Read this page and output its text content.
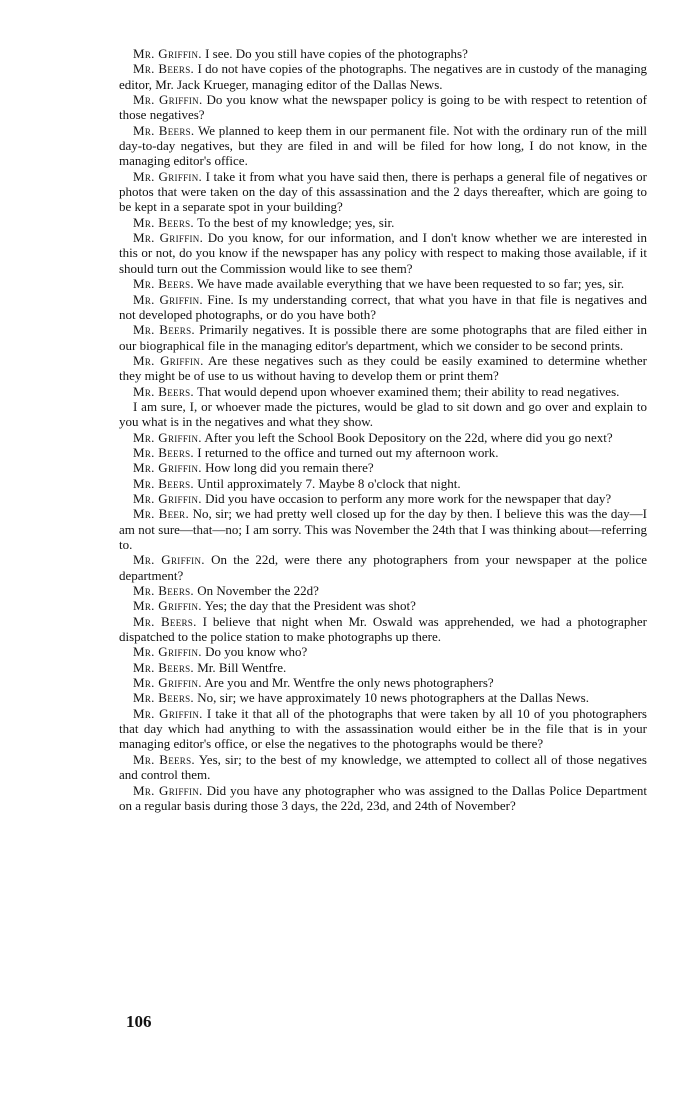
Mr. Griffin. I see. Do you still have copies of the photographs?

Mr. Beers. I do not have copies of the photographs. The negatives are in custody of the managing editor, Mr. Jack Krueger, managing editor of the Dallas News.

Mr. Griffin. Do you know what the newspaper policy is going to be with respect to retention of those negatives?

Mr. Beers. We planned to keep them in our permanent file. Not with the ordinary run of the mill day-to-day negatives, but they are filed in and will be filed for how long, I do not know, in the managing editor's office.

Mr. Griffin. I take it from what you have said then, there is perhaps a general file of negatives or photos that were taken on the day of this assassination and the 2 days thereafter, which are going to be kept in a separate spot in your building?

Mr. Beers. To the best of my knowledge; yes, sir.

Mr. Griffin. Do you know, for our information, and I don't know whether we are interested in this or not, do you know if the newspaper has any policy with respect to making those available, if it should turn out the Commission would like to see them?

Mr. Beers. We have made available everything that we have been requested to so far; yes, sir.

Mr. Griffin. Fine. Is my understanding correct, that what you have in that file is negatives and not developed photographs, or do you have both?

Mr. Beers. Primarily negatives. It is possible there are some photographs that are filed either in our biographical file in the managing editor's department, which we consider to be second prints.

Mr. Griffin. Are these negatives such as they could be easily examined to determine whether they might be of use to us without having to develop them or print them?

Mr. Beers. That would depend upon whoever examined them; their ability to read negatives.

I am sure, I, or whoever made the pictures, would be glad to sit down and go over and explain to you what is in the negatives and what they show.

Mr. Griffin. After you left the School Book Depository on the 22d, where did you go next?

Mr. Beers. I returned to the office and turned out my afternoon work.

Mr. Griffin. How long did you remain there?

Mr. Beers. Until approximately 7. Maybe 8 o'clock that night.

Mr. Griffin. Did you have occasion to perform any more work for the newspaper that day?

Mr. Beer. No, sir; we had pretty well closed up for the day by then. I believe this was the day—I am not sure—that—no; I am sorry. This was November the 24th that I was thinking about—referring to.

Mr. Griffin. On the 22d, were there any photographers from your newspaper at the police department?

Mr. Beers. On November the 22d?

Mr. Griffin. Yes; the day that the President was shot?

Mr. Beers. I believe that night when Mr. Oswald was apprehended, we had a photographer dispatched to the police station to make photographs up there.

Mr. Griffin. Do you know who?

Mr. Beers. Mr. Bill Wentfre.

Mr. Griffin. Are you and Mr. Wentfre the only news photographers?

Mr. Beers. No, sir; we have approximately 10 news photographers at the Dallas News.

Mr. Griffin. I take it that all of the photographs that were taken by all 10 of you photographers that day which had anything to with the assassination would either be in the file that is in your managing editor's office, or else the negatives to the photographs would be there?

Mr. Beers. Yes, sir; to the best of my knowledge, we attempted to collect all of those negatives and control them.

Mr. Griffin. Did you have any photographer who was assigned to the Dallas Police Department on a regular basis during those 3 days, the 22d, 23d, and 24th of November?

106
